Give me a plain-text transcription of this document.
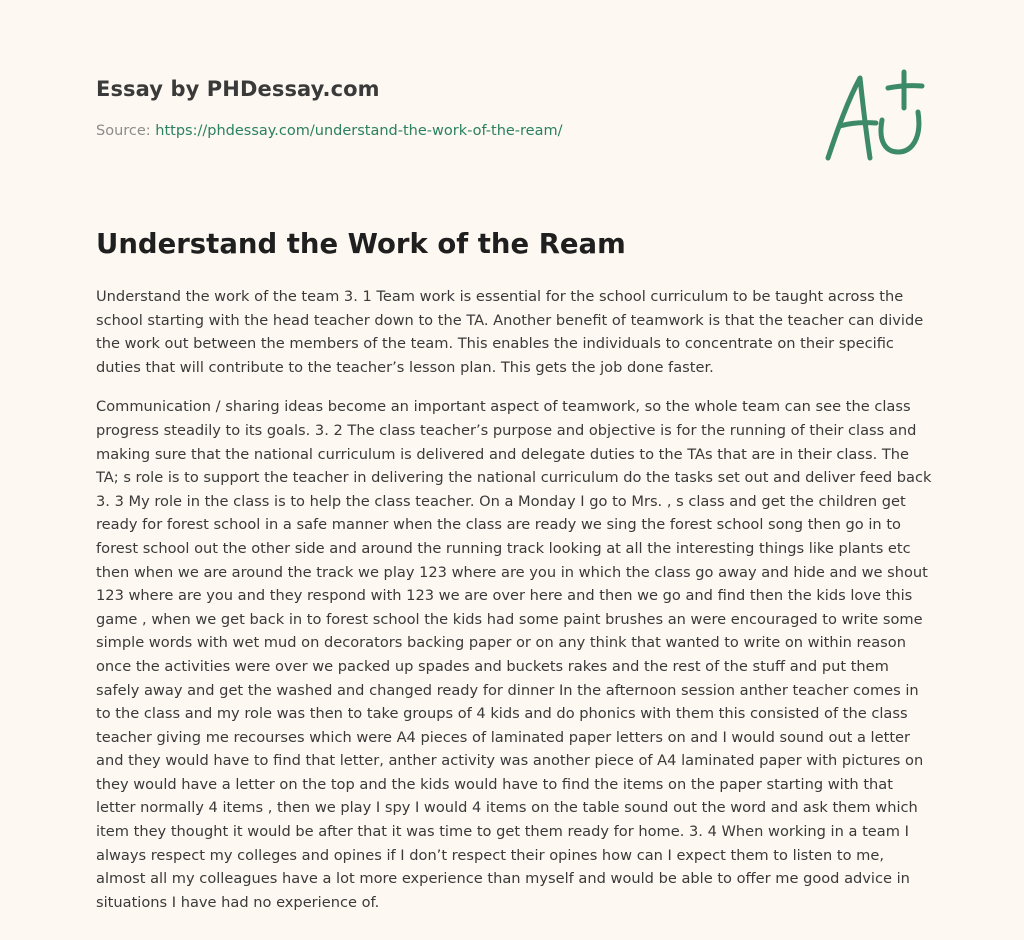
Essay by PHDessay.com
Source: https://phdessay.com/understand-the-work-of-the-ream/
Understand the Work of the Ream

Understand the work of the team 3. 1 Team work is essential for the school curriculum to be taught across the school starting with the head teacher down to the TA. Another benefit of teamwork is that the teacher can divide the work out between the members of the team. This enables the individuals to concentrate on their specific duties that will contribute to the teacher’s lesson plan. This gets the job done faster.

Communication / sharing ideas become an important aspect of teamwork, so the whole team can see the class progress steadily to its goals. 3. 2 The class teacher’s purpose and objective is for the running of their class and making sure that the national curriculum is delivered and delegate duties to the TAs that are in their class. The TA; s role is to support the teacher in delivering the national curriculum do the tasks set out and deliver feed back 3. 3 My role in the class is to help the class teacher. On a Monday I go to Mrs. , s class and get the children get ready for forest school in a safe manner when the class are ready we sing the forest school song then go in to forest school out the other side and around the running track looking at all the interesting things like plants etc then when we are around the track we play 123 where are you in which the class go away and hide and we shout 123 where are you and they respond with 123 we are over here and then we go and find then the kids love this game , when we get back in to forest school the kids had some paint brushes an were encouraged to write some simple words with wet mud on decorators backing paper or on any think that wanted to write on within reason once the activities were over we packed up spades and buckets rakes and the rest of the stuff and put them safely away and get the washed and changed ready for dinner In the afternoon session anther teacher comes in to the class and my role was then to take groups of 4 kids and do phonics with them this consisted of the class teacher giving me recourses which were A4 pieces of laminated paper letters on and I would sound out a letter and they would have to find that letter, anther activity was another piece of A4 laminated paper with pictures on they would have a letter on the top and the kids would have to find the items on the paper starting with that letter normally 4 items , then we play I spy I would 4 items on the table sound out the word and ask them which item they thought it would be after that it was time to get them ready for home. 3. 4 When working in a team I always respect my colleges and opines if I don’t respect their opines how can I expect them to listen to me, almost all my colleagues have a lot more experience than myself and would be able to offer me good advice in situations I have had no experience of.
